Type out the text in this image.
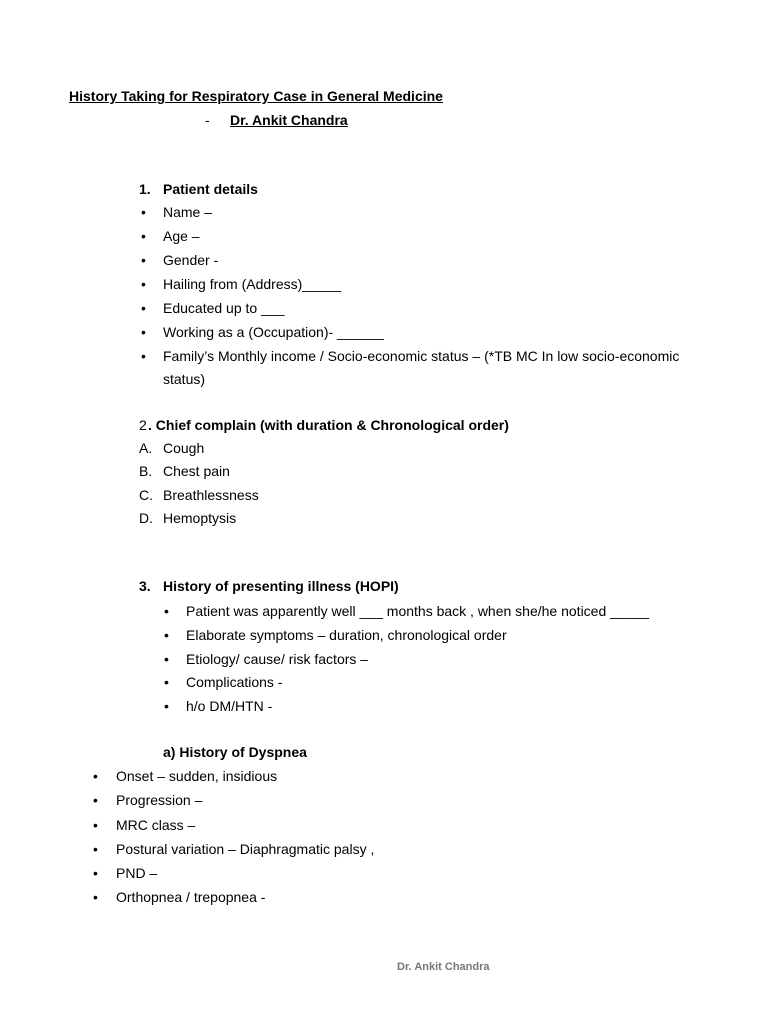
History Taking for Respiratory Case in General Medicine
- Dr. Ankit Chandra
1. Patient details
• Name –
• Age –
• Gender -
• Hailing from (Address)_____
• Educated up to ___
• Working as a (Occupation)- ______
• Family’s Monthly income / Socio-economic status – (*TB MC In low socio-economic
status)
2 . Chief complain (with duration & Chronological order)
A. Cough
B. Chest pain
C. Breathlessness
D. Hemoptysis
3. History of presenting illness (HOPI)
• Patient was apparently well ___ months back , when she/he noticed _____
• Elaborate symptoms – duration, chronological order
• Etiology/ cause/ risk factors –
• Complications -
• h/o DM/HTN -
a) History of Dyspnea
• Onset – sudden, insidious
• Progression –
• MRC class –
• Postural variation – Diaphragmatic palsy ,
• PND –
• Orthopnea / trepopnea -
Dr. Ankit Chandra
